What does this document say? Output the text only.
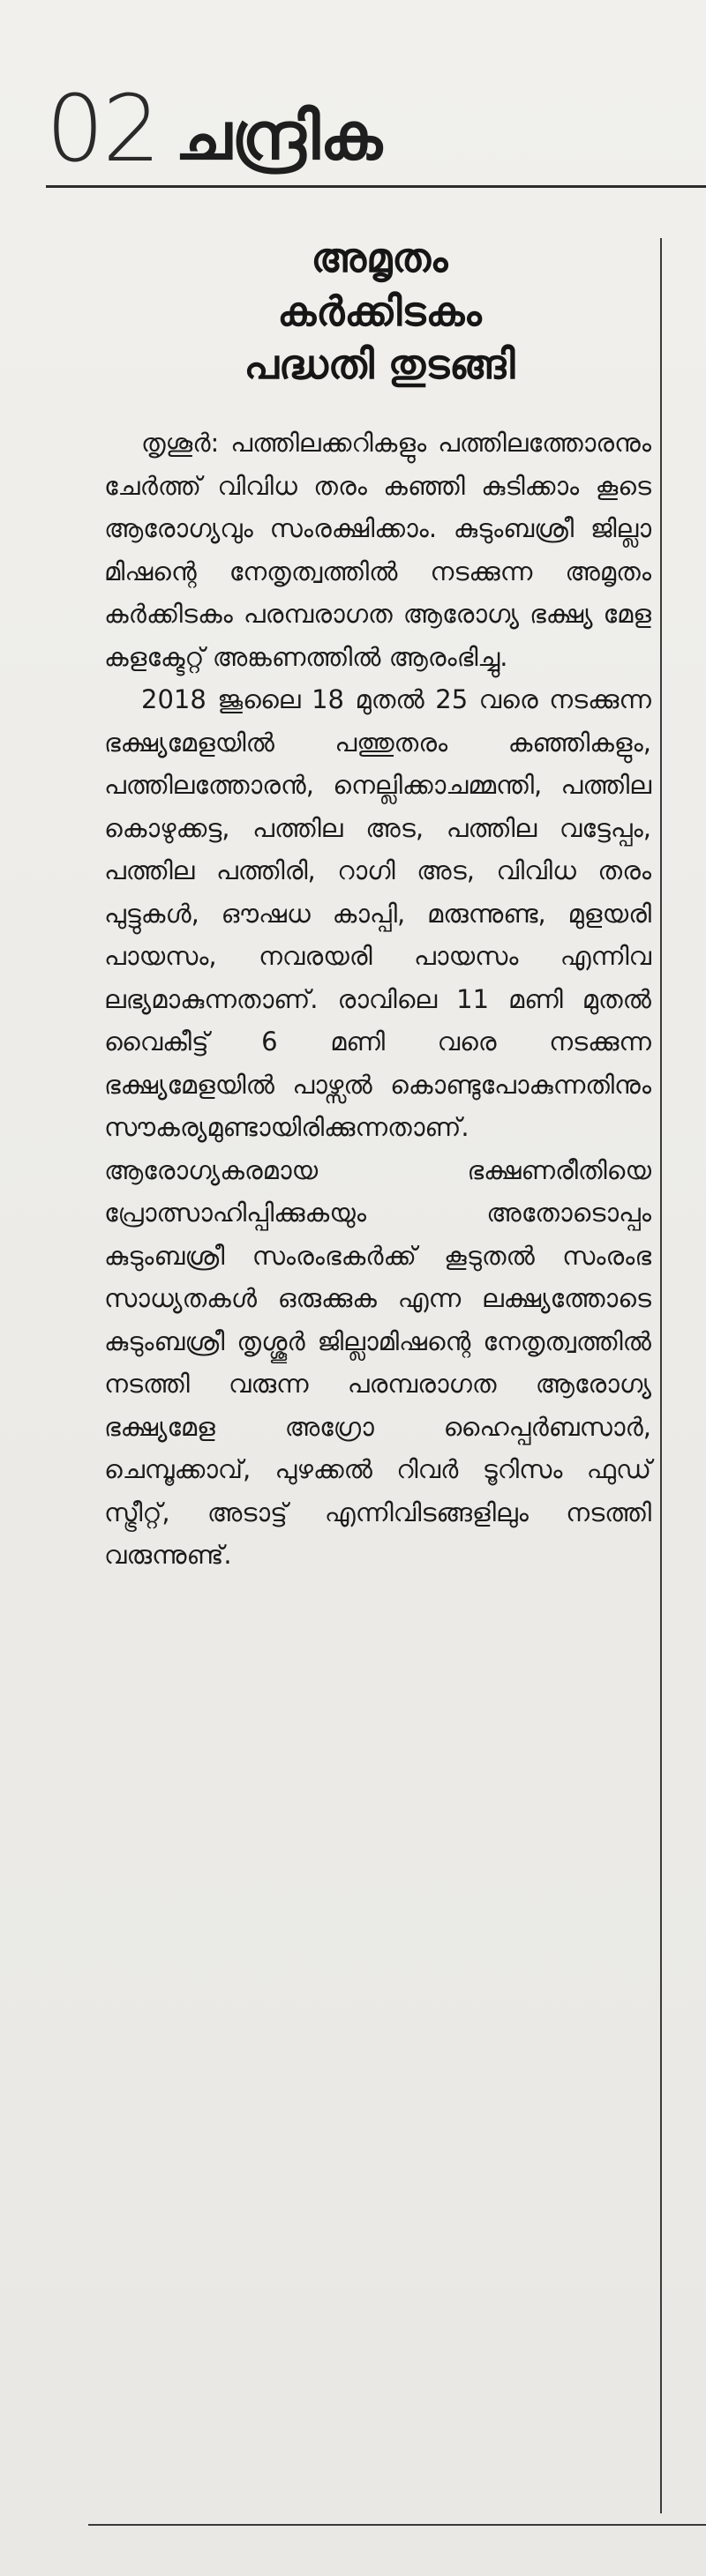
02 ചന്ദ്രിക
അമൃതം
കർക്കിടകം
പദ്ധതി തുടങ്ങി

തൃശൂർ: പത്തിലക്കറികളും പത്തിലത്തോരനും ചേർത്ത് വിവിധ തരം കഞ്ഞി കുടിക്കാം കൂടെ ആരോഗ്യവും സംരക്ഷിക്കാം. കുടുംബശ്രീ ജില്ലാ മിഷന്റെ നേതൃത്വത്തിൽ നടക്കുന്ന അമൃതം കർക്കിടകം പരമ്പരാഗത ആരോഗ്യ ഭക്ഷ്യ മേള കളക്ടേറ്റ് അങ്കണത്തിൽ ആരംഭിച്ചു.

2018 ജൂലൈ 18 മുതൽ 25 വരെ നടക്കുന്ന ഭക്ഷ്യമേളയിൽ പത്തുതരം കഞ്ഞികളും, പത്തിലത്തോരൻ, നെല്ലിക്കാചമ്മന്തി, പത്തില കൊഴുക്കട്ട, പത്തില അട, പത്തില വട്ടേപ്പം, പത്തില പത്തിരി, റാഗി അട, വിവിധ തരം പുട്ടുകൾ, ഔഷധ കാപ്പി, മരുന്നുണ്ട, മുളയരി പായസം, നവരയരി പായസം എന്നിവ ലഭ്യമാകുന്നതാണ്. രാവിലെ 11 മണി മുതൽ വൈകീട്ട് 6 മണി വരെ നടക്കുന്ന ഭക്ഷ്യമേളയിൽ പാഴ്സൽ കൊണ്ടുപോകുന്നതിനും സൗകര്യമുണ്ടായിരിക്കുന്നതാണ്. ആരോഗ്യകരമായ ഭക്ഷണരീതിയെ പ്രോത്സാഹിപ്പിക്കുകയും അതോടൊപ്പം കുടുംബശ്രീ സംരംഭകർക്ക് കൂടുതൽ സംരംഭ സാധ്യതകൾ ഒരുക്കുക എന്ന ലക്ഷ്യത്തോടെ കുടുംബശ്രീ തൃശ്ശൂർ ജില്ലാമിഷന്റെ നേതൃത്വത്തിൽ നടത്തി വരുന്ന പരമ്പരാഗത ആരോഗ്യ ഭക്ഷ്യമേള അഗ്രോ ഹൈപ്പർബസാർ, ചെമ്പൂക്കാവ്, പുഴക്കൽ റിവർ ടൂറിസം ഫുഡ് സ്ട്രീറ്റ്, അടാട്ട് എന്നിവിടങ്ങളിലും നടത്തി വരുന്നുണ്ട്.
